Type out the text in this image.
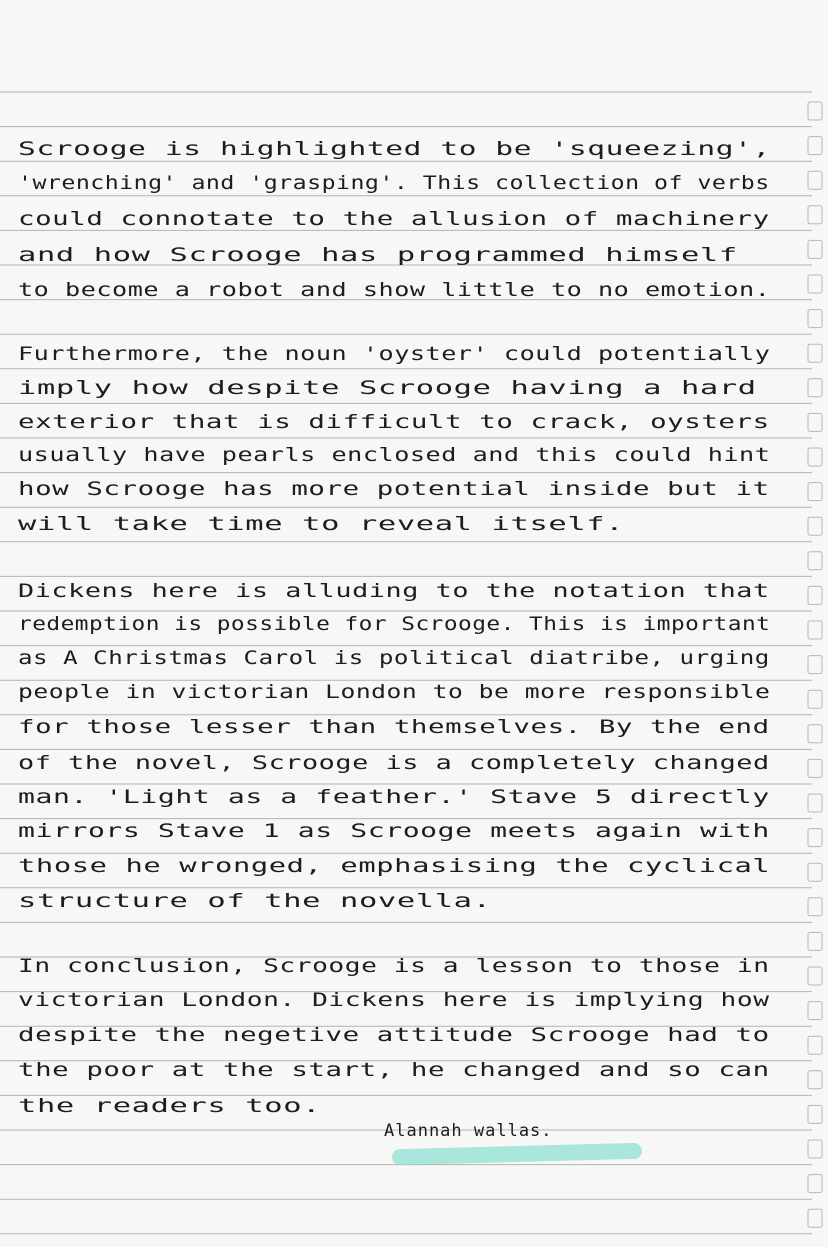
Scrooge is highlighted to be 'squeezing',
'wrenching' and 'grasping'. This collection of verbs
could connotate to the allusion of machinery
and how Scrooge has programmed himself
to become a robot and show little to no emotion.
Furthermore, the noun 'oyster' could potentially
imply how despite Scrooge having a hard
exterior that is difficult to crack, oysters
usually have pearls enclosed and this could hint
how Scrooge has more potential inside but it
will take time to reveal itself.
Dickens here is alluding to the notation that
redemption is possible for Scrooge. This is important
as A Christmas Carol is political diatribe, urging
people in victorian London to be more responsible
for those lesser than themselves. By the end
of the novel, Scrooge is a completely changed
man. 'Light as a feather.' Stave 5 directly
mirrors Stave 1 as Scrooge meets again with
those he wronged, emphasising the cyclical
structure of the novella.
In conclusion, Scrooge is a lesson to those in
victorian London. Dickens here is implying how
despite the negetive attitude Scrooge had to
the poor at the start, he changed and so can
the readers too.
Alannah wallas.
